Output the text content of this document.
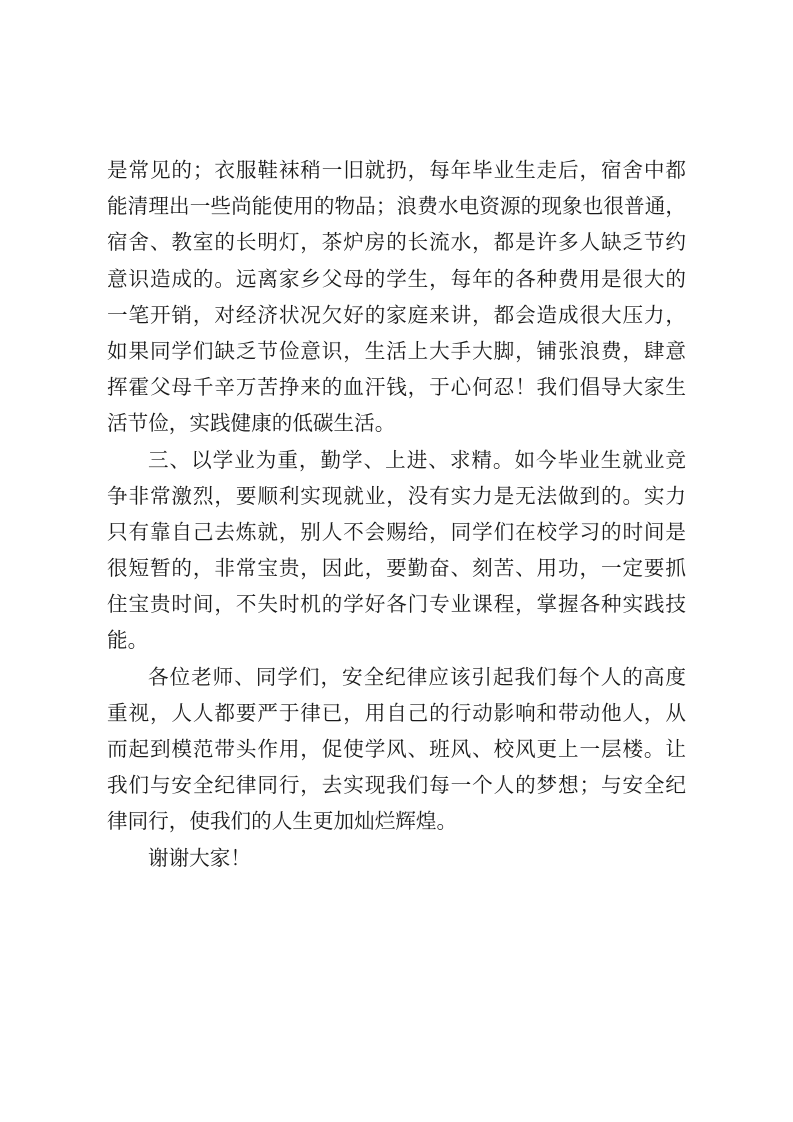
是常见的；衣服鞋袜稍一旧就扔，每年毕业生走后，宿舍中都
能清理出一些尚能使用的物品；浪费水电资源的现象也很普通，
宿舍、教室的长明灯，茶炉房的长流水，都是许多人缺乏节约
意识造成的。远离家乡父母的学生，每年的各种费用是很大的
一笔开销，对经济状况欠好的家庭来讲，都会造成很大压力，
如果同学们缺乏节俭意识，生活上大手大脚，铺张浪费，肆意
挥霍父母千辛万苦挣来的血汗钱，于心何忍！我们倡导大家生
活节俭，实践健康的低碳生活。
三、以学业为重，勤学、上进、求精。如今毕业生就业竞
争非常激烈，要顺利实现就业，没有实力是无法做到的。实力
只有靠自己去炼就，别人不会赐给，同学们在校学习的时间是
很短暂的，非常宝贵，因此，要勤奋、刻苦、用功，一定要抓
住宝贵时间，不失时机的学好各门专业课程，掌握各种实践技
能。
各位老师、同学们，安全纪律应该引起我们每个人的高度
重视，人人都要严于律已，用自己的行动影响和带动他人，从
而起到模范带头作用，促使学风、班风、校风更上一层楼。让
我们与安全纪律同行，去实现我们每一个人的梦想；与安全纪
律同行，使我们的人生更加灿烂辉煌。
谢谢大家！
